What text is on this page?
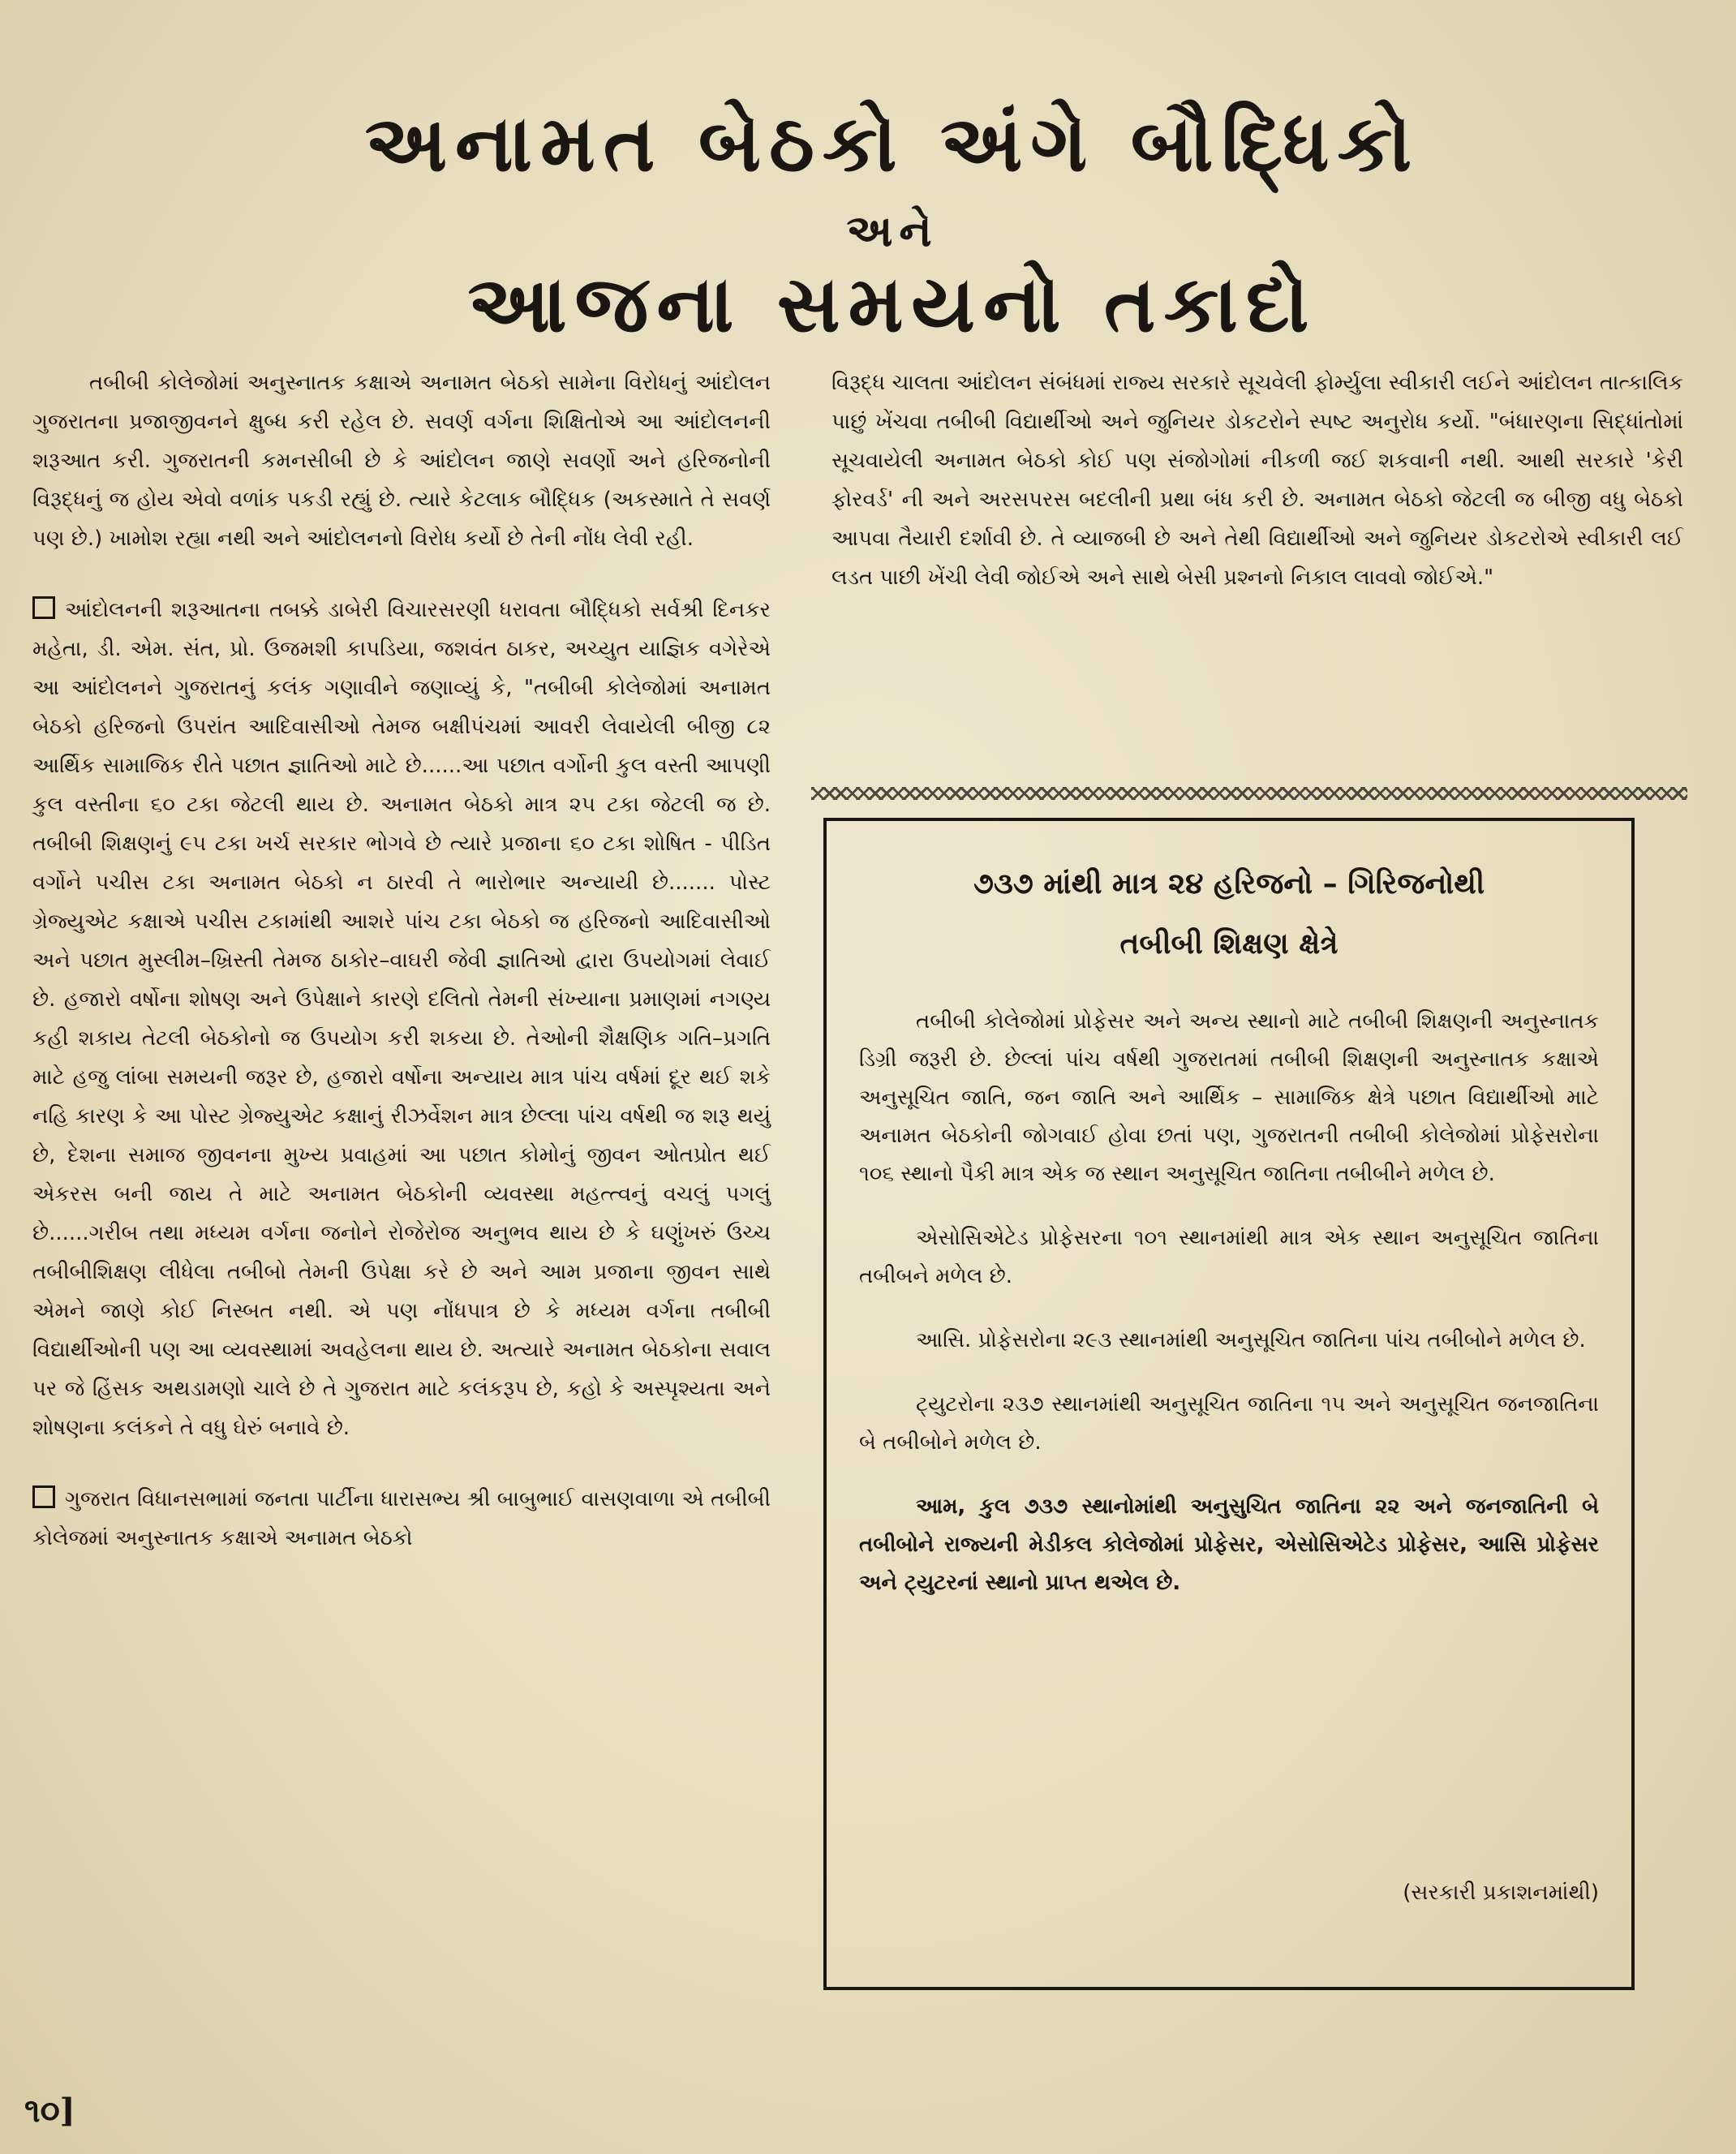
અનામત બેઠકો અંગે બૌદ્ધિકો
અને
આજના સમયનો તકાદો

તબીબી કોલેજોમાં અનુસ્નાતક કક્ષાએ અનામત બેઠકો સામેના વિરોધનું આંદોલન ગુજરાતના પ્રજાજીવનને ક્ષુબ્ધ કરી રહેલ છે. સવર્ણ વર્ગના શિક્ષિતોએ આ આંદોલનની શરૂઆત કરી. ગુજરાતની કમનસીબી છે કે આંદોલન જાણે સવર્ણો અને હરિજનોની વિરૂદ્ધનું જ હોય એવો વળાંક પકડી રહ્યું છે. ત્યારે કેટલાક બૌદ્ધિક (અકસ્માતે તે સવર્ણ પણ છે.) ખામોશ રહ્યા નથી અને આંદોલનનો વિરોધ કર્યો છે તેની નોંધ લેવી રહી.

આંદોલનની શરૂઆતના તબક્કે ડાબેરી વિચારસરણી ધરાવતા બૌદ્ધિકો સર્વશ્રી દિનકર મહેતા, ડી. એમ. સંત, પ્રો. ઉજમશી કાપડિયા, જશવંત ઠાકર, અચ્યુત યાજ્ઞિક વગેરેએ આ આંદોલનને ગુજરાતનું કલંક ગણાવીને જણાવ્યું કે, "તબીબી કોલેજોમાં અનામત બેઠકો હરિજનો ઉપરાંત આદિવાસીઓ તેમજ બક્ષીપંચમાં આવરી લેવાયેલી બીજી ૮૨ આર્થિક સામાજિક રીતે પછાત જ્ઞાતિઓ માટે છે......આ પછાત વર્ગોની કુલ વસ્તી આપણી કુલ વસ્તીના ૬૦ ટકા જેટલી થાય છે. અનામત બેઠકો માત્ર ૨૫ ટકા જેટલી જ છે. તબીબી શિક્ષણનું ૯૫ ટકા ખર્ચ સરકાર ભોગવે છે ત્યારે પ્રજાના ૬૦ ટકા શોષિત - પીડિત વર્ગોને પચીસ ટકા અનામત બેઠકો ન ઠારવી તે ભારોભાર અન્યાયી છે....... પોસ્ટ ગ્રેજ્યુએટ કક્ષાએ પચીસ ટકામાંથી આશરે પાંચ ટકા બેઠકો જ હરિજનો આદિવાસીઓ અને પછાત મુસ્લીમ–ખ્રિસ્તી તેમજ ઠાકોર–વાઘરી જેવી જ્ઞાતિઓ દ્વારા ઉપયોગમાં લેવાઈ છે. હજારો વર્ષોના શોષણ અને ઉપેક્ષાને કારણે દલિતો તેમની સંખ્યાના પ્રમાણમાં નગણ્ય કહી શકાય તેટલી બેઠકોનો જ ઉપયોગ કરી શકયા છે. તેઓની શૈક્ષણિક ગતિ–પ્રગતિ માટે હજુ લાંબા સમયની જરૂર છે, હજારો વર્ષોના અન્યાય માત્ર પાંચ વર્ષમાં દૂર થઈ શકે નહિ કારણ કે આ પોસ્ટ ગ્રેજ્યુએટ કક્ષાનું રીઝર્વેશન માત્ર છેલ્લા પાંચ વર્ષથી જ શરૂ થયું છે, દેશના સમાજ જીવનના મુખ્ય પ્રવાહમાં આ પછાત કોમોનું જીવન ઓતપ્રોત થઈ એકરસ બની જાય તે માટે અનામત બેઠકોની વ્યવસ્થા મહત્ત્વનું વચલું પગલું છે......ગરીબ તથા મધ્યમ વર્ગના જનોને રોજેરોજ અનુભવ થાય છે કે ઘણુંખરું ઉચ્ચ તબીબીશિક્ષણ લીધેલા તબીબો તેમની ઉપેક્ષા કરે છે અને આમ પ્રજાના જીવન સાથે એમને જાણે કોઈ નિસ્બત નથી. એ પણ નોંધપાત્ર છે કે મધ્યમ વર્ગના તબીબી વિદ્યાર્થીઓની પણ આ વ્યવસ્થામાં અવહેલના થાય છે. અત્યારે અનામત બેઠકોના સવાલ પર જે હિંસક અથડામણો ચાલે છે તે ગુજરાત માટે કલંકરૂપ છે, કહો કે અસ્પૃશ્યતા અને શોષણના કલંકને તે વધુ ઘેરું બનાવે છે.

ગુજરાત વિધાનસભામાં જનતા પાર્ટીના ધારાસભ્ય શ્રી બાબુભાઈ વાસણવાળા એ તબીબી કોલેજમાં અનુસ્નાતક કક્ષાએ અનામત બેઠકો

વિરૂદ્ધ ચાલતા આંદોલન સંબંધમાં રાજ્ય સરકારે સૂચવેલી ફોર્મ્યુલા સ્વીકારી લઈને આંદોલન તાત્કાલિક પાછું ખેંચવા તબીબી વિદ્યાર્થીઓ અને જુનિયર ડોકટરોને સ્પષ્ટ અનુરોધ કર્યો. "બંધારણના સિદ્ધાંતોમાં સૂચવાયેલી અનામત બેઠકો કોઈ પણ સંજોગોમાં નીકળી જઈ શકવાની નથી. આથી સરકારે 'કેરી ફોરવર્ડ' ની અને અરસપરસ બદલીની પ્રથા બંધ કરી છે. અનામત બેઠકો જેટલી જ બીજી વધુ બેઠકો આપવા તૈયારી દર્શાવી છે. તે વ્યાજબી છે અને તેથી વિદ્યાર્થીઓ અને જુનિયર ડોકટરોએ સ્વીકારી લઈ લડત પાછી ખેંચી લેવી જોઈએ અને સાથે બેસી પ્રશ્નનો નિકાલ લાવવો જોઈએ."

૭૩૭ માંથી માત્ર ૨૪ હરિજનો – ગિરિજનોથી

તબીબી શિક્ષણ ક્ષેત્રે

તબીબી કોલેજોમાં પ્રોફેસર અને અન્ય સ્થાનો માટે તબીબી શિક્ષણની અનુસ્નાતક ડિગ્રી જરૂરી છે. છેલ્લાં પાંચ વર્ષથી ગુજરાતમાં તબીબી શિક્ષણની અનુસ્નાતક કક્ષાએ અનુસૂચિત જાતિ, જન જાતિ અને આર્થિક – સામાજિક ક્ષેત્રે પછાત વિદ્યાર્થીઓ માટે અનામત બેઠકોની જોગવાઈ હોવા છતાં પણ, ગુજરાતની તબીબી કોલેજોમાં પ્રોફેસરોના ૧૦૬ સ્થાનો પૈકી માત્ર એક જ સ્થાન અનુસૂચિત જાતિના તબીબીને મળેલ છે.

એસોસિએટેડ પ્રોફેસરના ૧૦૧ સ્થાનમાંથી માત્ર એક સ્થાન અનુસૂચિત જાતિના તબીબને મળેલ છે.

આસિ. પ્રોફેસરોના ૨૯૩ સ્થાનમાંથી અનુસૂચિત જાતિના પાંચ તબીબોને મળેલ છે.

ટ્યુટરોના ૨૩૭ સ્થાનમાંથી અનુસૂચિત જાતિના ૧૫ અને અનુસૂચિત જનજાતિના બે તબીબોને મળેલ છે.

આમ, કુલ ૭૩૭ સ્થાનોમાંથી અનુસુચિત જાતિના ૨૨ અને જનજાતિની બે તબીબોને રાજ્યની મેડીકલ કોલેજોમાં પ્રોફેસર, એસોસિએટેડ પ્રોફેસર, આસિ પ્રોફેસર અને ટ્યુટરનાં સ્થાનો પ્રાપ્ત થએલ છે.

(સરકારી પ્રકાશનમાંથી)
૧૦]
